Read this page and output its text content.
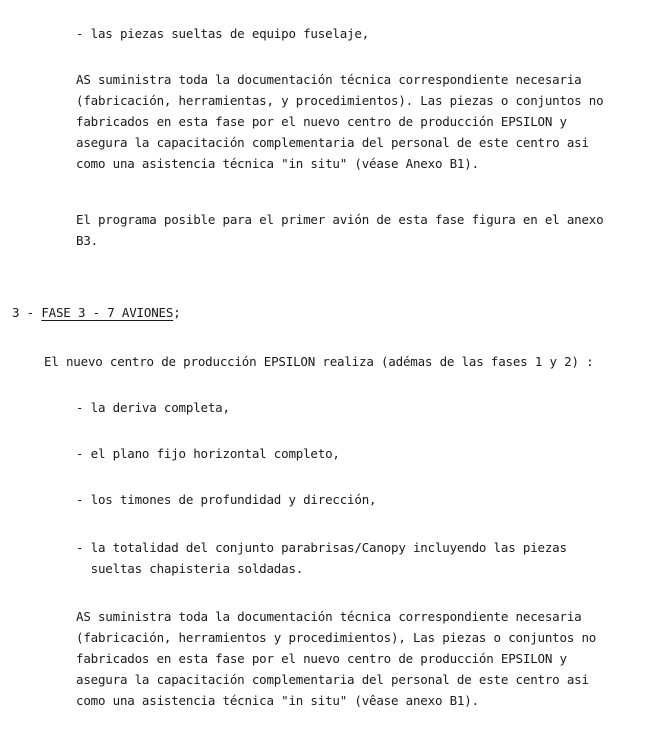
- las piezas sueltas de equipo fuselaje,

AS suministra toda la documentación técnica correspondiente necesaria

(fabricación, herramientas, y procedimientos). Las piezas o conjuntos no

fabricados en esta fase por el nuevo centro de producción EPSILON y

asegura la capacitación complementaria del personal de este centro asi

como una asistencia técnica "in situ" (véase Anexo B1).

El programa posible para el primer avión de esta fase figura en el anexo

B3.

3 - FASE 3 - 7 AVIONES;

El nuevo centro de producción EPSILON realiza (adémas de las fases 1 y 2) :

- la deriva completa,

- el plano fijo horizontal completo,

- los timones de profundidad y dirección,

- la totalidad del conjunto parabrisas/Canopy incluyendo las piezas

sueltas chapisteria soldadas.

AS suministra toda la documentación técnica correspondiente necesaria

(fabricación, herramientos y procedimientos), Las piezas o conjuntos no

fabricados en esta fase por el nuevo centro de producción EPSILON y

asegura la capacitación complementaria del personal de este centro asi

como una asistencia técnica "in situ" (vêase anexo B1).
